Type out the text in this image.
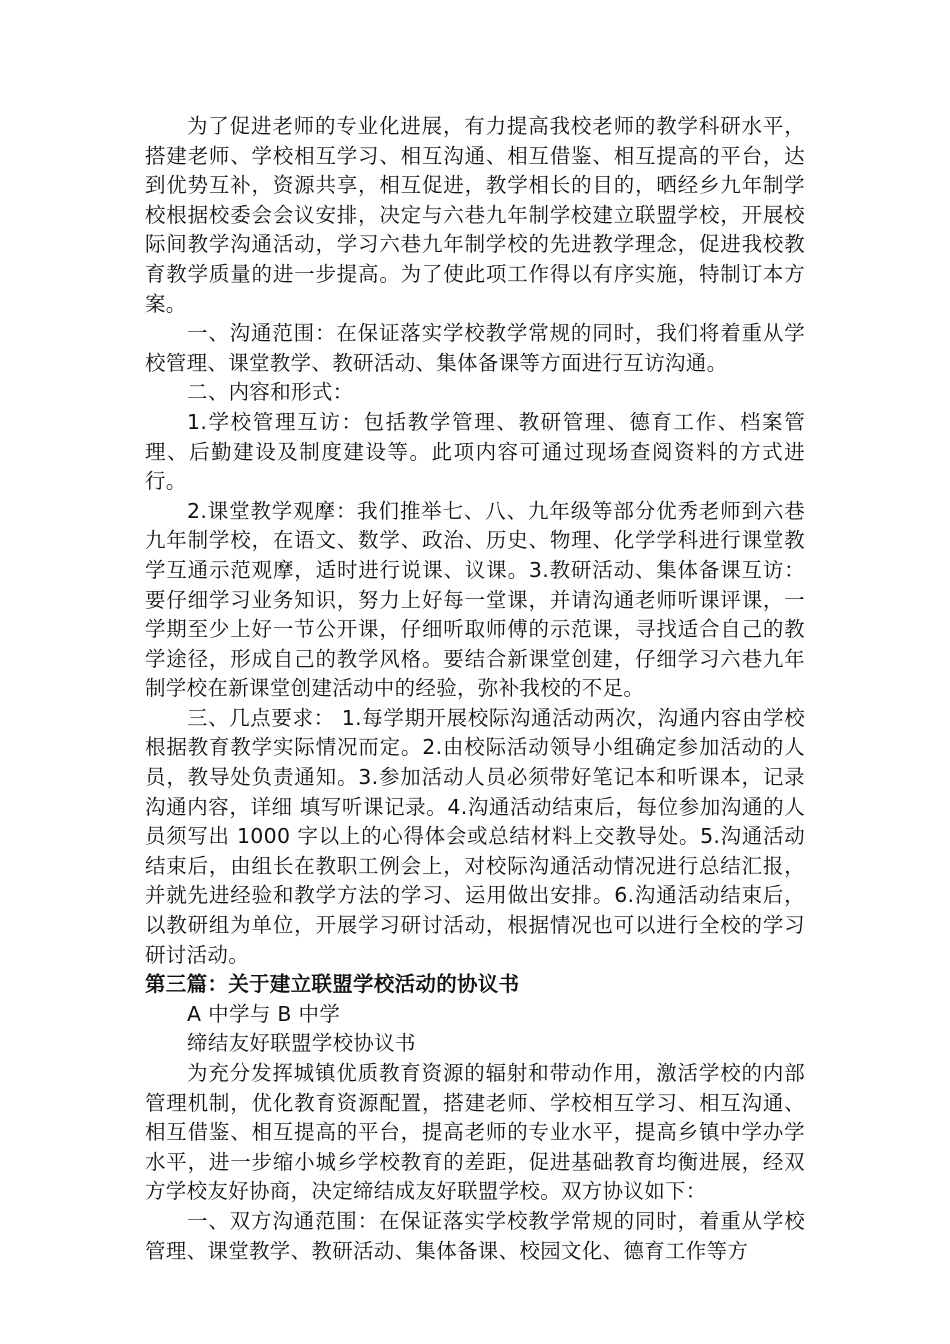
为了促进老师的专业化进展，有力提高我校老师的教学科研水平，搭建老师、学校相互学习、相互沟通、相互借鉴、相互提高的平台，达到优势互补，资源共享，相互促进，教学相长的目的，晒经乡九年制学校根据校委会会议安排，决定与六巷九年制学校建立联盟学校，开展校际间教学沟通活动，学习六巷九年制学校的先进教学理念，促进我校教育教学质量的进一步提高。为了使此项工作得以有序实施，特制订本方案。

一、沟通范围：在保证落实学校教学常规的同时，我们将着重从学校管理、课堂教学、教研活动、集体备课等方面进行互访沟通。

二、内容和形式：

1.学校管理互访：包括教学管理、教研管理、德育工作、档案管理、后勤建设及制度建设等。此项内容可通过现场查阅资料的方式进行。

2.课堂教学观摩：我们推举七、八、九年级等部分优秀老师到六巷九年制学校，在语文、数学、政治、历史、物理、化学学科进行课堂教学互通示范观摩，适时进行说课、议课。3.教研活动、集体备课互访：要仔细学习业务知识，努力上好每一堂课，并请沟通老师听课评课，一学期至少上好一节公开课，仔细听取师傅的示范课，寻找适合自己的教学途径，形成自己的教学风格。要结合新课堂创建，仔细学习六巷九年制学校在新课堂创建活动中的经验，弥补我校的不足。

三、几点要求： 1.每学期开展校际沟通活动两次，沟通内容由学校根据教育教学实际情况而定。2.由校际活动领导小组确定参加活动的人员，教导处负责通知。3.参加活动人员必须带好笔记本和听课本，记录沟通内容，详细 填写听课记录。4.沟通活动结束后，每位参加沟通的人员须写出 1000 字以上的心得体会或总结材料上交教导处。5.沟通活动结束后，由组长在教职工例会上，对校际沟通活动情况进行总结汇报，并就先进经验和教学方法的学习、运用做出安排。6.沟通活动结束后，以教研组为单位，开展学习研讨活动，根据情况也可以进行全校的学习研讨活动。

第三篇：关于建立联盟学校活动的协议书

A 中学与 B 中学

缔结友好联盟学校协议书

为充分发挥城镇优质教育资源的辐射和带动作用，激活学校的内部管理机制，优化教育资源配置，搭建老师、学校相互学习、相互沟通、相互借鉴、相互提高的平台，提高老师的专业水平，提高乡镇中学办学水平，进一步缩小城乡学校教育的差距，促进基础教育均衡进展，经双方学校友好协商，决定缔结成友好联盟学校。双方协议如下：

一、双方沟通范围：在保证落实学校教学常规的同时，着重从学校管理、课堂教学、教研活动、集体备课、校园文化、德育工作等方
